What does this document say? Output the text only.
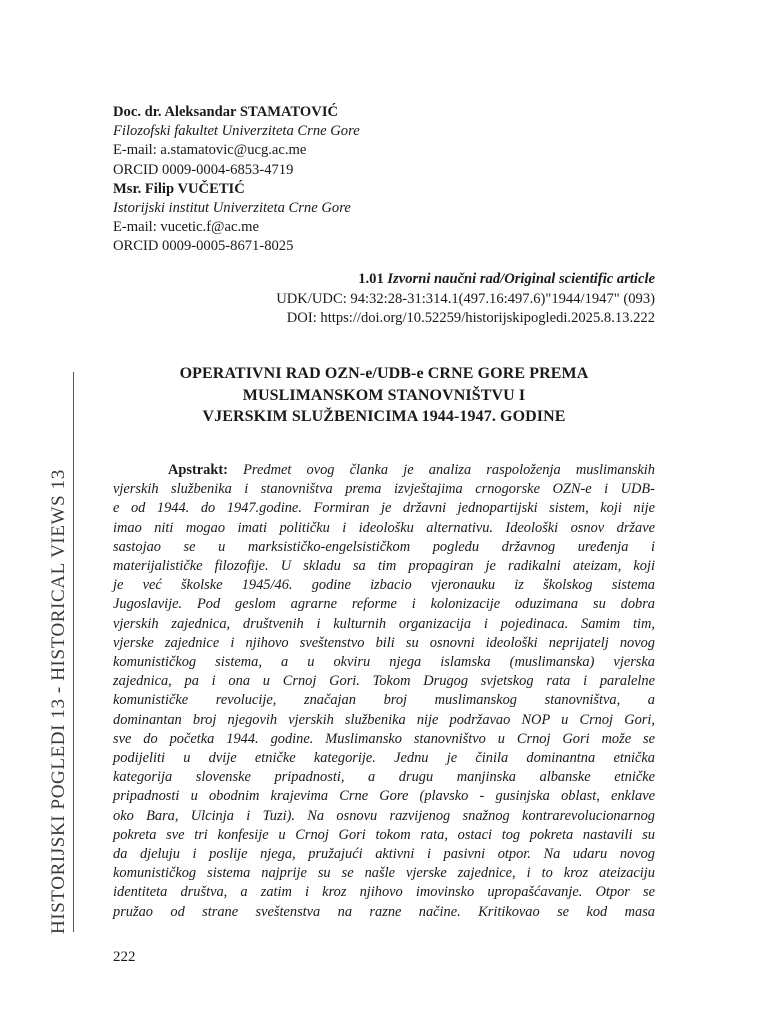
HISTORIJSKI POGLEDI 13 - HISTORICAL VIEWS 13
Doc. dr. Aleksandar STAMATOVIĆ
Filozofski fakultet Univerziteta Crne Gore
E-mail: a.stamatovic@ucg.ac.me
ORCID 0009-0004-6853-4719
Msr. Filip VUČETIĆ
Istorijski institut Univerziteta Crne Gore
E-mail: vucetic.f@ac.me
ORCID 0009-0005-8671-8025
1.01 Izvorni naučni rad/Original scientific article
UDK/UDC: 94:32:28-31:314.1(497.16:497.6)"1944/1947" (093)
DOI: https://doi.org/10.52259/historijskipogledi.2025.8.13.222
OPERATIVNI RAD OZN-e/UDB-e CRNE GORE PREMA
MUSLIMANSKOM STANOVNIŠTVU I
VJERSKIM SLUŽBENICIMA 1944-1947. GODINE
Apstrakt: Predmet ovog članka je analiza raspoloženja muslimanskih
vjerskih službenika i stanovništva prema izvještajima crnogorske OZN-e i UDB-
e od 1944. do 1947.godine. Formiran je državni jednopartijski sistem, koji nije
imao niti mogao imati političku i ideološku alternativu. Ideološki osnov države
sastojao se u marksističko-engelsističkom pogledu državnog uređenja i
materijalističke filozofije. U skladu sa tim propagiran je radikalni ateizam, koji
je već školske 1945/46. godine izbacio vjeronauku iz školskog sistema
Jugoslavije. Pod geslom agrarne reforme i kolonizacije oduzimana su dobra
vjerskih zajednica, društvenih i kulturnih organizacija i pojedinaca. Samim tim,
vjerske zajednice i njihovo sveštenstvo bili su osnovni ideološki neprijatelj novog
komunističkog sistema, a u okviru njega islamska (muslimanska) vjerska
zajednica, pa i ona u Crnoj Gori. Tokom Drugog svjetskog rata i paralelne
komunističke revolucije, značajan broj muslimanskog stanovništva, a
dominantan broj njegovih vjerskih službenika nije podržavao NOP u Crnoj Gori,
sve do početka 1944. godine. Muslimansko stanovništvo u Crnoj Gori može se
podijeliti u dvije etničke kategorije. Jednu je činila dominantna etnička
kategorija slovenske pripadnosti, a drugu manjinska albanske etničke
pripadnosti u obodnim krajevima Crne Gore (plavsko - gusinjska oblast, enklave
oko Bara, Ulcinja i Tuzi). Na osnovu razvijenog snažnog kontrarevolucionarnog
pokreta sve tri konfesije u Crnoj Gori tokom rata, ostaci tog pokreta nastavili su
da djeluju i poslije njega, pružajući aktivni i pasivni otpor. Na udaru novog
komunističkog sistema najprije su se našle vjerske zajednice, i to kroz ateizaciju
identiteta društva, a zatim i kroz njihovo imovinsko upropašćavanje. Otpor se
pružao od strane sveštenstva na razne načine. Kritikovao se kod masa
222
